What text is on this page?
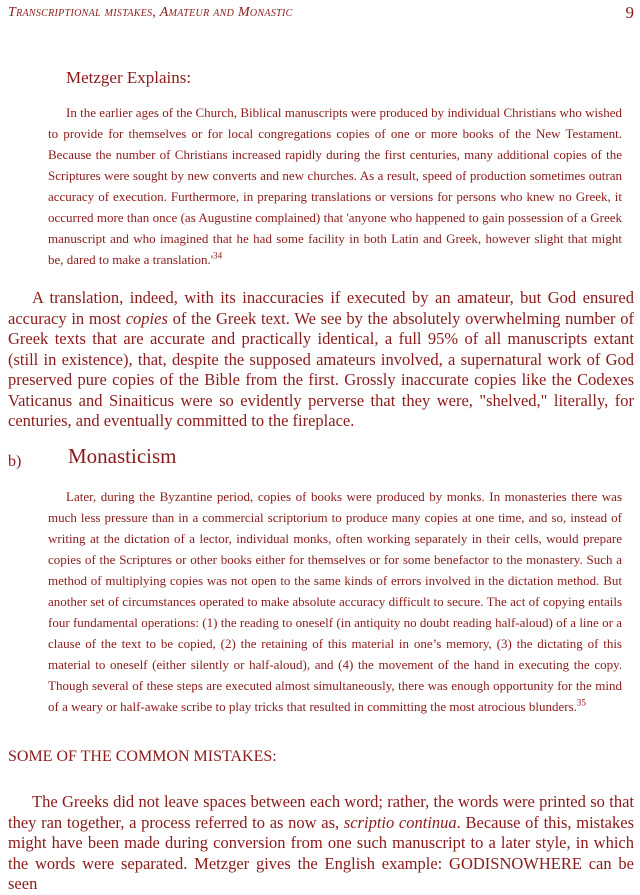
Transcriptional mistakes, Amateur and Monastic	9
Metzger Explains:
In the earlier ages of the Church, Biblical manuscripts were produced by individual Christians who wished to provide for themselves or for local congregations copies of one or more books of the New Testament. Because the number of Christians increased rapidly during the first centuries, many additional copies of the Scriptures were sought by new converts and new churches. As a result, speed of production sometimes outran accuracy of execution. Furthermore, in preparing translations or versions for persons who knew no Greek, it occurred more than once (as Augustine complained) that 'anyone who happened to gain possession of a Greek manuscript and who imagined that he had some facility in both Latin and Greek, however slight that might be, dared to make a $translation.'^{34}$
A translation, indeed, with its inaccuracies if executed by an amateur, but God ensured accuracy in most copies of the Greek text. We see by the absolutely overwhelming number of Greek texts that are accurate and practically identical, a full 95% of all manuscripts extant (still in existence), that, despite the supposed amateurs involved, a supernatural work of God preserved pure copies of the Bible from the first. Grossly inaccurate copies like the Codexes Vaticanus and Sinaiticus were so evidently perverse that they were, "shelved," literally, for centuries, and eventually committed to the fireplace.
b) Monasticism
Later, during the Byzantine period, copies of books were produced by monks. In monasteries there was much less pressure than in a commercial scriptorium to produce many copies at one time, and so, instead of writing at the dictation of a lector, individual monks, often working separately in their cells, would prepare copies of the Scriptures or other books either for themselves or for some benefactor to the monastery. Such a method of multiplying copies was not open to the same kinds of errors involved in the dictation method. But another set of circumstances operated to make absolute accuracy difficult to secure. The act of copying entails four fundamental operations: (1) the reading to oneself (in antiquity no doubt reading half-aloud) of a line or a clause of the text to be copied, (2) the retaining of this material in one’s memory, (3) the dictating of this material to oneself (either silently or half-aloud), and (4) the movement of the hand in executing the copy. Though several of these steps are executed almost simultaneously, there was enough opportunity for the mind of a weary or half-awake scribe to play tricks that resulted in committing the most atrocious blunders.$^{35}$
SOME OF THE COMMON MISTAKES:
The Greeks did not leave spaces between each word; rather, the words were printed so that they ran together, a process referred to as now as, scriptio continua. Because of this, mistakes might have been made during conversion from one such manuscript to a later style, in which the words were separated. Metzger gives the English example: GODISNOWHERE can be seen
